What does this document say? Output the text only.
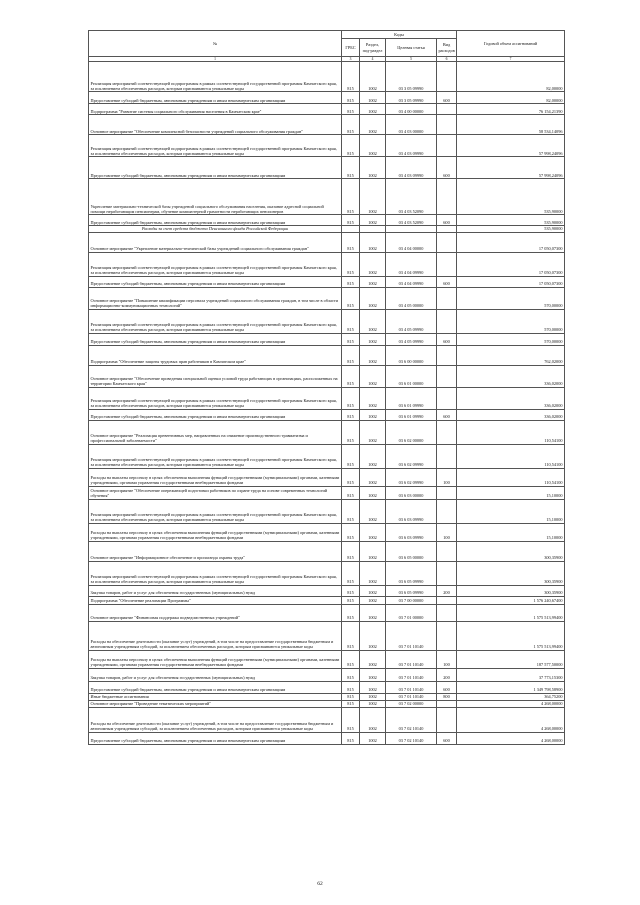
№	Коды				Годовой объем ассигнований
	ГРБС	Раздел, под-раздел	Целевая статья	Вид расходов	
1	3	4	5	6	7
Реализация мероприятий соответствующей подпрограммы в рамках соответствующей государственной программы Камчатского края, за исключением обеспеченных расходов, которым присваиваются уникальные коды	815	1002	03 3 05 09990		82,00000
Предоставление субсидий бюджетным, автономным учреждениям и иным некоммерческим организациям	815	1002	03 3 05 09990	600	82,00000
Подпрограмма "Развитие системы социального обслуживания населения в Камчатском крае"	815	1002	03 4 00 00000		76 154,21390
Основное мероприятие "Обеспечение комплексной безопасности учреждений социального обслуживания граждан"	815	1002	03 4 03 00000		58 534,14096
Реализация мероприятий соответствующей подпрограммы в рамках соответствующей государственной программы Камчатского края, за исключением обеспеченных расходов, которым присваиваются уникальные коды	815	1002	03 4 03 09990		57 998,24096
Предоставление субсидий бюджетным, автономным учреждениям и иным некоммерческим организациям	815	1002	03 4 03 09990	600	57 998,24096
Укрепление материально-технической базы учреждений социального обслуживания населения, оказание адресной социальной помощи неработающим пенсионерам, обучение компьютерной грамотности неработающих пенсионеров	815	1002	03 4 03 52090		535,90000
Предоставление субсидий бюджетным, автономным учреждениям и иным некоммерческим организациям	815	1002	03 4 03 52090	600	535,90000
Расходы за счет средств бюджета Пенсионного фонда Российской Федерации					535,90000
Основное мероприятие "Укрепление материально-технической базы учреждений социального обслуживания граждан"	815	1002	03 4 04 00000		17 050,07300
Реализация мероприятий соответствующей подпрограммы в рамках соответствующей государственной программы Камчатского края, за исключением обеспеченных расходов, которым присваиваются уникальные коды	815	1002	03 4 04 09990		17 050,07300
Предоставление субсидий бюджетным, автономным учреждениям и иным некоммерческим организациям	815	1002	03 4 04 09990	600	17 050,07300
Основное мероприятие "Повышение квалификации персонала учреждений социального обслуживания граждан, в том числе в области информационно-коммуникационных технологий"	815	1002	03 4 05 00000		570,00000
Реализация мероприятий соответствующей подпрограммы в рамках соответствующей государственной программы Камчатского края, за исключением обеспеченных расходов, которым присваиваются уникальные коды	815	1002	03 4 05 09990		570,00000
Предоставление субсидий бюджетным, автономным учреждениям и иным некоммерческим организациям	815	1002	03 4 05 09990	600	570,00000
Подпрограмма "Обеспечение защиты трудовых прав работников в Камчатском крае"	815	1002	03 6 00 00000		762,02000
Основное мероприятие "Обеспечение проведения специальной оценки условий труда работающих в организациях, расположенных на территории Камчатского края"	815	1002	03 6 01 00000		336,02000
Реализация мероприятий соответствующей подпрограммы в рамках соответствующей государственной программы Камчатского края, за исключением обеспеченных расходов, которым присваиваются уникальные коды	815	1002	03 6 01 09990		336,02000
Предоставление субсидий бюджетным, автономным учреждениям и иным некоммерческим организациям	815	1002	03 6 01 09990	600	336,02000
Основное мероприятие "Реализация превентивных мер, направленных на снижение производственного травматизма и профессиональной заболеваемости"	815	1002	03 6 02 00000		110,54100
Реализация мероприятий соответствующей подпрограммы в рамках соответствующей государственной программы Камчатского края, за исключением обеспеченных расходов, которым присваиваются уникальные коды	815	1002	03 6 02 09990		110,54100
Расходы на выплаты персоналу в целях обеспечения выполнения функций государственными (муниципальными) органами, казенными учреждениями, органами управления государственными внебюджетными фондами	815	1002	03 6 02 09990	100	110,54100
Основное мероприятие "Обеспечение опережающей подготовки работников по охране труда на основе современных технологий обучения"	815	1002	03 6 03 00000		15,10000
Реализация мероприятий соответствующей подпрограммы в рамках соответствующей государственной программы Камчатского края, за исключением обеспеченных расходов, которым присваиваются уникальные коды	815	1002	03 6 03 09990		15,10000
Расходы на выплаты персоналу в целях обеспечения выполнения функций государственными (муниципальными) органами, казенными учреждениями, органами управления государственными внебюджетными фондами	815	1002	03 6 03 09990	100	15,10000
Основное мероприятие "Информационное обеспечение и пропаганда охраны труда"	815	1002	03 6 05 00000		300,35900
Реализация мероприятий соответствующей подпрограммы в рамках соответствующей государственной программы Камчатского края, за исключением обеспеченных расходов, которым присваиваются уникальные коды	815	1002	03 6 05 09990		300,35900
Закупка товаров, работ и услуг для обеспечения государственных (муниципальных) нужд	815	1002	03 6 05 09990	200	300,35900
Подпрограмма "Обеспечение реализации Программы"	815	1002	03 7 00 00000		1 576 240,67400
Основное мероприятие "Финансовая поддержка подведомственных учреждений"	815	1002	03 7 01 00000		1 575 513,99400
Расходы на обеспечение деятельности (оказание услуг) учреждений, в том числе на предоставление государственным бюджетным и автономным учреждениям субсидий, за исключением обеспеченных расходов, которым присваиваются уникальные коды	815	1002	03 7 01 10140		1 575 513,99400
Расходы на выплаты персоналу в целях обеспечения выполнения функций государственными (муниципальными) органами, казенными учреждениями, органами управления государственными внебюджетными фондами	815	1002	03 7 01 10140	100	187 577,50000
Закупка товаров, работ и услуг для обеспечения государственных (муниципальных) нужд	815	1002	03 7 01 10140	200	37 773,15300
Предоставление субсидий бюджетным, автономным учреждениям и иным некоммерческим организациям	815	1002	03 7 01 10140	600	1 349 798,58900
Иные бюджетные ассигнования	815	1002	03 7 01 10140	800	364,75200
Основное мероприятие "Проведение тематических мероприятий"	815	1002	03 7 02 00000		4 268,00000
Расходы на обеспечение деятельности (оказание услуг) учреждений, в том числе на предоставление государственным бюджетным и автономным учреждениям субсидий, за исключением обеспеченных расходов, которым присваиваются уникальные коды	815	1002	03 7 02 10140		4 268,00000
Предоставление субсидий бюджетным, автономным учреждениям и иным некоммерческим организациям	815	1002	03 7 02 10140	600	4 268,00000
62
